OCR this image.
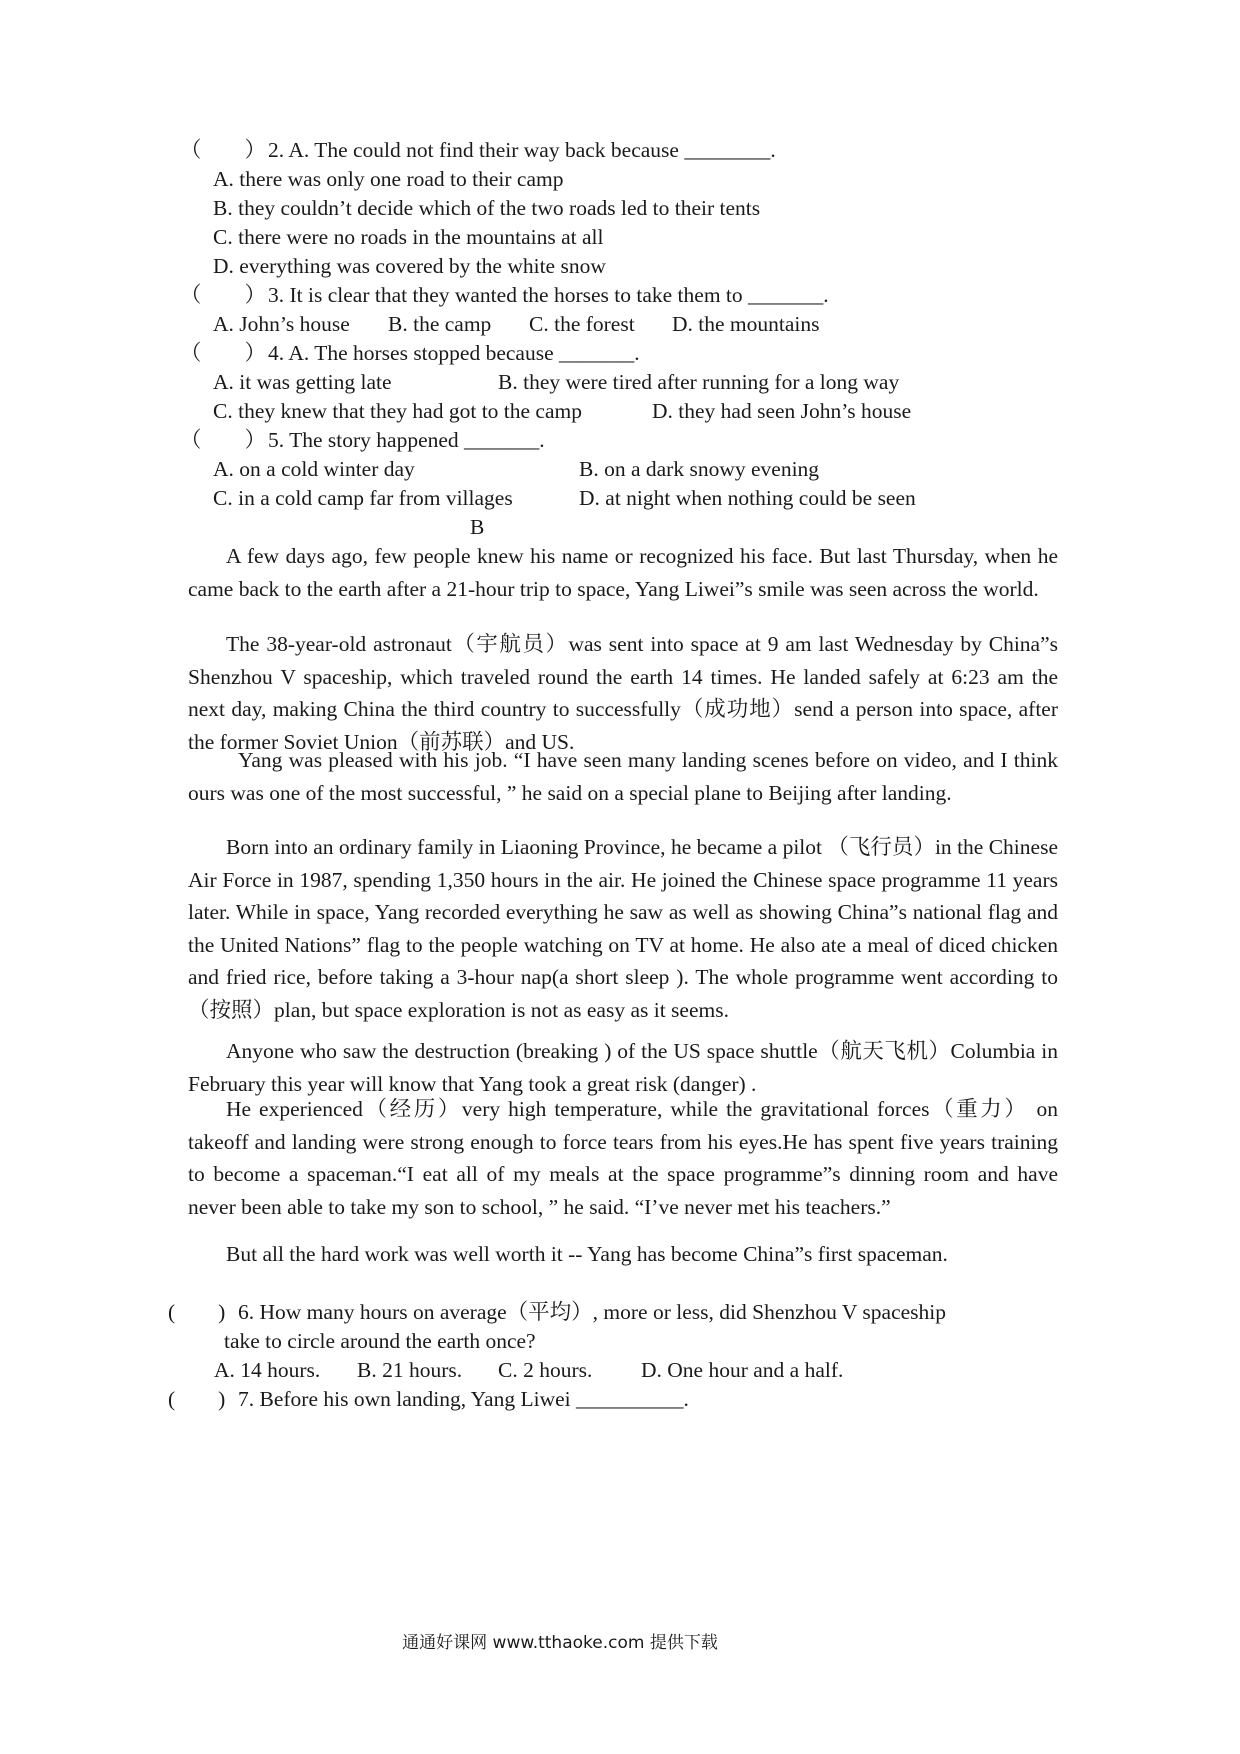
（　　）2. A. The could not find their way back because ________.
A. there was only one road to their camp
B. they couldn’t decide which of the two roads led to their tents
C. there were no roads in the mountains at all
D. everything was covered by the white snow
（　　）3. It is clear that they wanted the horses to take them to _______.
A. John’s house B. the camp C. the forest D. the mountains
（　　）4. A. The horses stopped because _______.
A. it was getting late	B. they were tired after running for a long way
C. they knew that they had got to the camp	D. they had seen John’s house
（　　）5. The story happened _______.
A. on a cold winter day	B. on a dark snowy evening
C. in a cold camp far from villages	D. at night when nothing could be seen
B
A few days ago, few people knew his name or recognized his face. But last Thursday, when he came back to the earth after a 21-hour trip to space, Yang Liwei”s smile was seen across the world.
The 38-year-old astronaut（宇航员）was sent into space at 9 am last Wednesday by China”s Shenzhou V spaceship, which traveled round the earth 14 times. He landed safely at 6:23 am the next day, making China the third country to successfully（成功地）send a person into space, after the former Soviet Union（前苏联）and US.
Yang was pleased with his job. “I have seen many landing scenes before on video, and I think ours was one of the most successful, ” he said on a special plane to Beijing after landing.
Born into an ordinary family in Liaoning Province, he became a pilot （飞行员）in the Chinese Air Force in 1987, spending 1,350 hours in the air. He joined the Chinese space programme 11 years later. While in space, Yang recorded everything he saw as well as showing China”s national flag and the United Nations” flag to the people watching on TV at home. He also ate a meal of diced chicken and fried rice, before taking a 3-hour nap(a short sleep ). The whole programme went according to（按照）plan, but space exploration is not as easy as it seems.
Anyone who saw the destruction (breaking ) of the US space shuttle（航天飞机）Columbia in February this year will know that Yang took a great risk (danger) .
He experienced（经历）very high temperature, while the gravitational forces（重力） on takeoff and landing were strong enough to force tears from his eyes.He has spent five years training to become a spaceman.“I eat all of my meals at the space programme”s dinning room and have never been able to take my son to school, ” he said. “I’ve never met his teachers.”
But all the hard work was well worth it -- Yang has become China”s first spaceman.
(　　) 6. How many hours on average（平均）, more or less, did Shenzhou V spaceship
take to circle around the earth once?
A. 14 hours. B. 21 hours. C. 2 hours. D. One hour and a half.
(　　) 7. Before his own landing, Yang Liwei __________.
通通好课网 www.tthaoke.com 提供下载
